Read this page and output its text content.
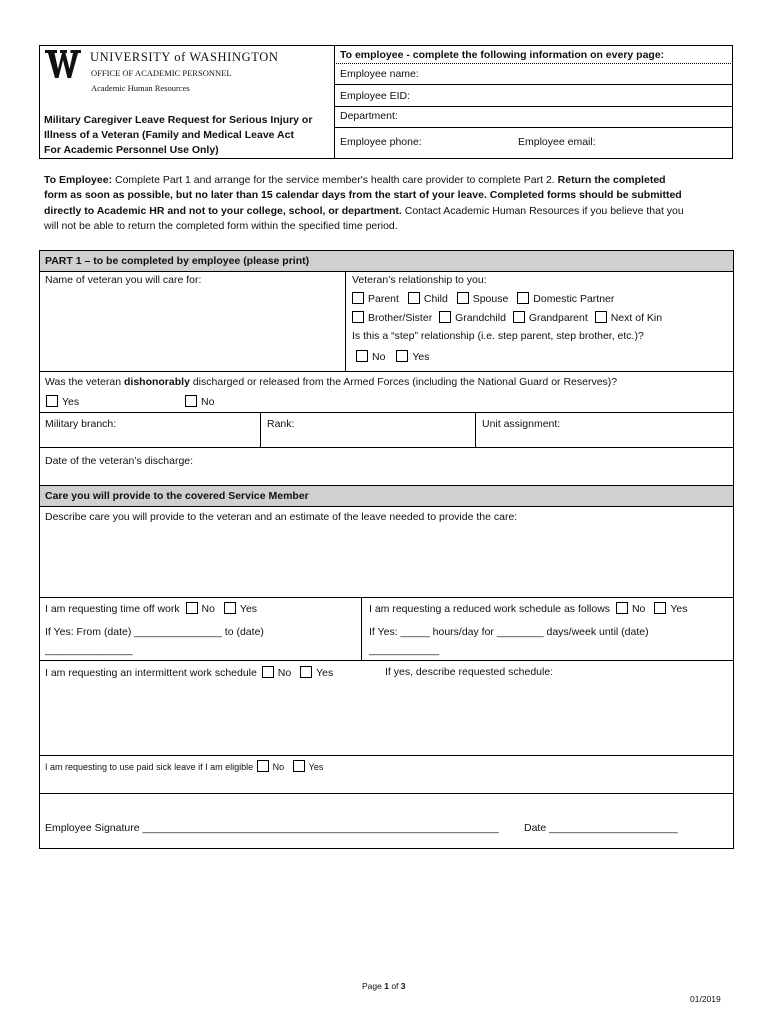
UNIVERSITY of WASHINGTON
OFFICE OF ACADEMIC PERSONNEL
Academic Human Resources
Military Caregiver Leave Request for Serious Injury or
Illness of a Veteran (Family and Medical Leave Act
For Academic Personnel Use Only)
To employee - complete the following information on every page:
Employee name:
Employee EID:
Department:
Employee phone:	Employee email:
To Employee: Complete Part 1 and arrange for the service member's health care provider to complete Part 2. Return the completed
form as soon as possible, but no later than 15 calendar days from the start of your leave. Completed forms should be submitted
directly to Academic HR and not to your college, school, or department. Contact Academic Human Resources if you believe that you
will not be able to return the completed form within the specified time period.
PART 1 – to be completed by employee (please print)
Name of veteran you will care for:	Veteran’s relationship to you:
Parent Child Spouse Domestic Partner
Brother/Sister Grandchild Grandparent Next of Kin
Is this a “step” relationship (i.e. step parent, step brother, etc.)?
No	Yes
Was the veteran dishonorably discharged or released from the Armed Forces (including the National Guard or Reserves)?
Yes	No
Military branch:	Rank:	Unit assignment:
Date of the veteran’s discharge:
Care you will provide to the covered Service Member
Describe care you will provide to the veteran and an estimate of the leave needed to provide the care:
I am requesting time off work No Yes
If Yes: From (date) _______________ to (date)
_______________
I am requesting a reduced work schedule as follows No Yes
If Yes: _____ hours/day for ________ days/week until (date)
____________
I am requesting an intermittent work schedule No Yes	If yes, describe requested schedule:
I am requesting to use paid sick leave if I am eligible No	Yes
Employee Signature _____________________________________________________________ Date ______________________
Page 1 of 3
01/2019
